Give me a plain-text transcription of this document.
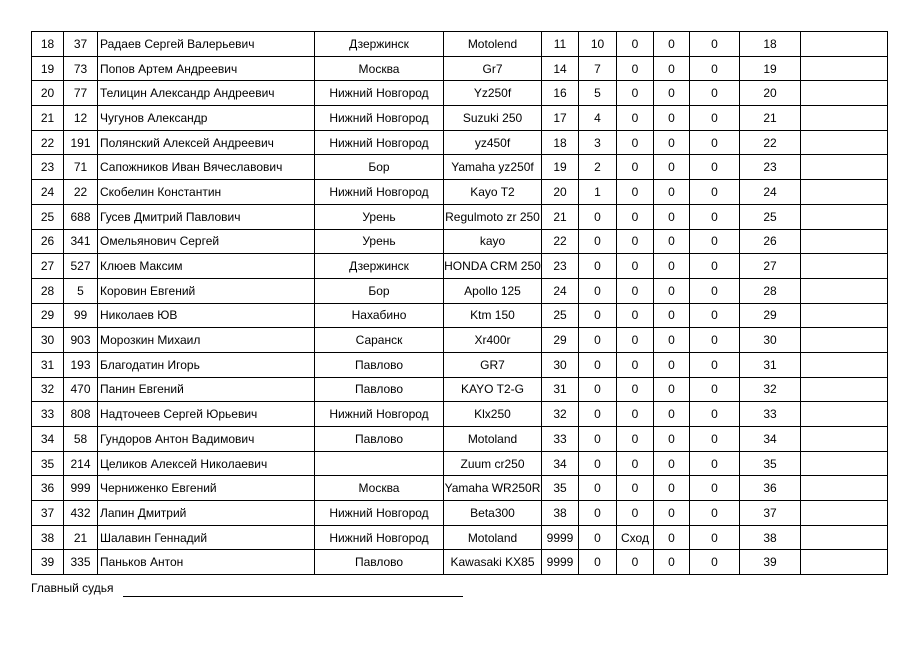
18	37	Радаев Сергей Валерьевич	Дзержинск	Motolend	11	10	0	0	0	18	
19	73	Попов Артем Андреевич	Москва	Gr7	14	7	0	0	0	19	
20	77	Телицин Александр Андреевич	Нижний Новгород	Yz250f	16	5	0	0	0	20	
21	12	Чугунов Александр	Нижний Новгород	Suzuki 250	17	4	0	0	0	21	
22	191	Полянский Алексей Андреевич	Нижний Новгород	yz450f	18	3	0	0	0	22	
23	71	Сапожников Иван Вячеславович	Бор	Yamaha yz250f	19	2	0	0	0	23	
24	22	Скобелин Константин	Нижний Новгород	Kayo T2	20	1	0	0	0	24	
25	688	Гусев Дмитрий Павлович	Урень	Regulmoto zr 250	21	0	0	0	0	25	
26	341	Омельянович Сергей	Урень	kayo	22	0	0	0	0	26	
27	527	Клюев Максим	Дзержинск	HONDA CRM 250	23	0	0	0	0	27	
28	5	Коровин Евгений	Бор	Apollo 125	24	0	0	0	0	28	
29	99	Николаев ЮВ	Нахабино	Ktm 150	25	0	0	0	0	29	
30	903	Морозкин Михаил	Саранск	Xr400r	29	0	0	0	0	30	
31	193	Благодатин Игорь	Павлово	GR7	30	0	0	0	0	31	
32	470	Панин Евгений	Павлово	KAYO T2-G	31	0	0	0	0	32	
33	808	Надточеев Сергей Юрьевич	Нижний Новгород	Klx250	32	0	0	0	0	33	
34	58	Гундоров Антон Вадимович	Павлово	Motoland	33	0	0	0	0	34	
35	214	Целиков Алексей Николаевич		Zuum cr250	34	0	0	0	0	35	
36	999	Черниженко Евгений	Москва	Yamaha WR250R	35	0	0	0	0	36	
37	432	Лапин Дмитрий	Нижний Новгород	Beta300	38	0	0	0	0	37	
38	21	Шалавин Геннадий	Нижний Новгород	Motoland	9999	0	Сход	0	0	38	
39	335	Паньков Антон	Павлово	Kawasaki KX85	9999	0	0	0	0	39	
Главный судья
